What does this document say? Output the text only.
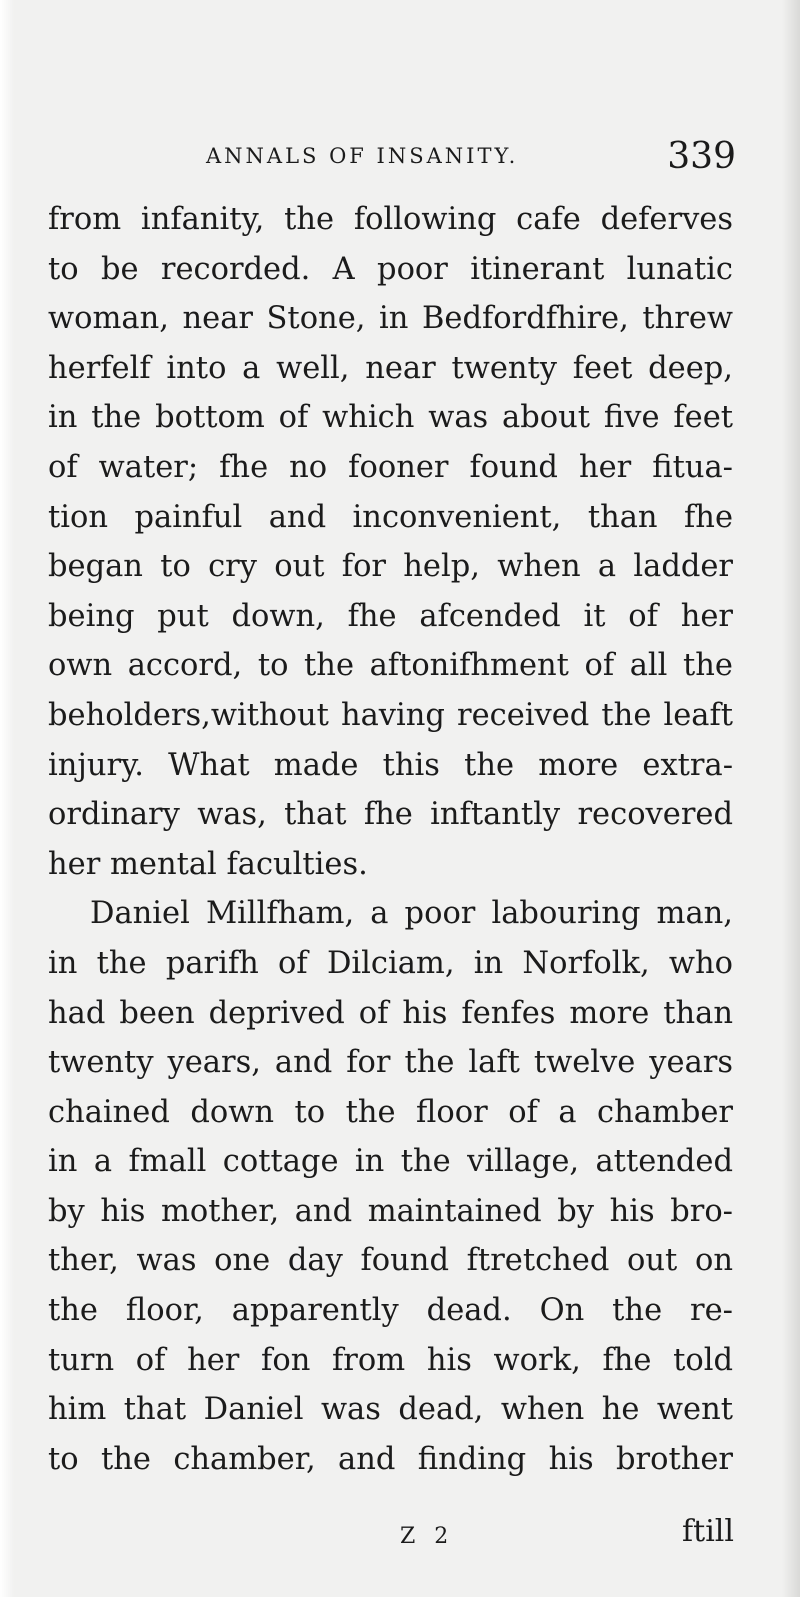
ANNALS OF INSANITY.	339
from infanity, the following cafe deferves
to be recorded. A poor itinerant lunatic
woman, near Stone, in Bedfordfhire, threw
herfelf into a well, near twenty feet deep,
in the bottom of which was about five feet
of water; fhe no fooner found her fitua-
tion painful and inconvenient, than fhe
began to cry out for help, when a ladder
being put down, fhe afcended it of her
own accord, to the aftonifhment of all the
beholders,without having received the leaft
injury. What made this the more extra-
ordinary was, that fhe inftantly recovered
her mental faculties.
Daniel Millfham, a poor labouring man,
in the parifh of Dilciam, in Norfolk, who
had been deprived of his fenfes more than
twenty years, and for the laft twelve years
chained down to the floor of a chamber
in a fmall cottage in the village, attended
by his mother, and maintained by his bro-
ther, was one day found ftretched out on
the floor, apparently dead. On the re-
turn of her fon from his work, fhe told
him that Daniel was dead, when he went
to the chamber, and finding his brother
Z 2	ftill
